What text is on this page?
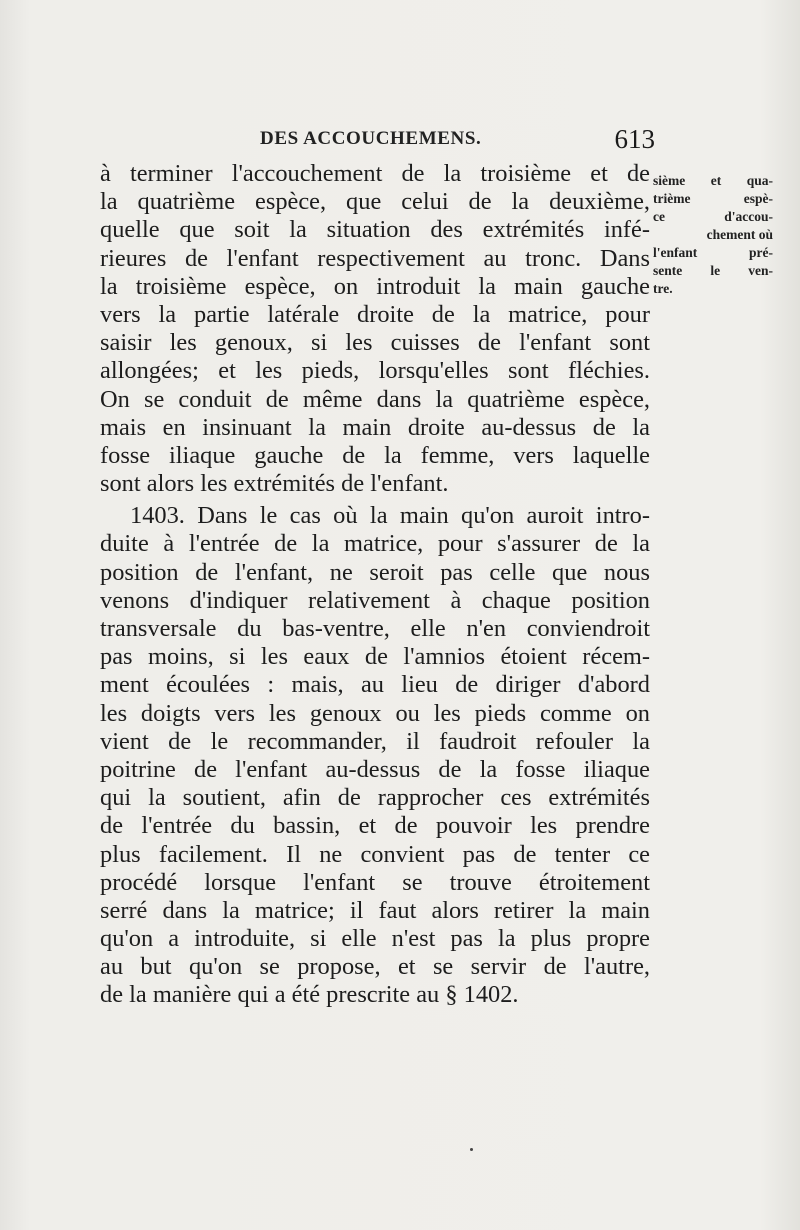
DES ACCOUCHEMENS.	613
à terminer l'accouchement de la troisième et de
la quatrième espèce, que celui de la deuxième,
quelle que soit la situation des extrémités infé-
rieures de l'enfant respectivement au tronc. Dans
la troisième espèce, on introduit la main gauche
vers la partie latérale droite de la matrice, pour
saisir les genoux, si les cuisses de l'enfant sont
allongées; et les pieds, lorsqu'elles sont fléchies.
On se conduit de même dans la quatrième espèce,
mais en insinuant la main droite au-dessus de la
fosse iliaque gauche de la femme, vers laquelle
sont alors les extrémités de l'enfant.
1403. Dans le cas où la main qu'on auroit intro-
duite à l'entrée de la matrice, pour s'assurer de la
position de l'enfant, ne seroit pas celle que nous
venons d'indiquer relativement à chaque position
transversale du bas-ventre, elle n'en conviendroit
pas moins, si les eaux de l'amnios étoient récem-
ment écoulées : mais, au lieu de diriger d'abord
les doigts vers les genoux ou les pieds comme on
vient de le recommander, il faudroit refouler la
poitrine de l'enfant au-dessus de la fosse iliaque
qui la soutient, afin de rapprocher ces extrémités
de l'entrée du bassin, et de pouvoir les prendre
plus facilement. Il ne convient pas de tenter ce
procédé lorsque l'enfant se trouve étroitement
serré dans la matrice; il faut alors retirer la main
qu'on a introduite, si elle n'est pas la plus propre
au but qu'on se propose, et se servir de l'autre,
de la manière qui a été prescrite au § 1402.
sième et qua-
trième espè-
ce d'accou-
chement où
l'enfant pré-
sente le ven-
tre.
